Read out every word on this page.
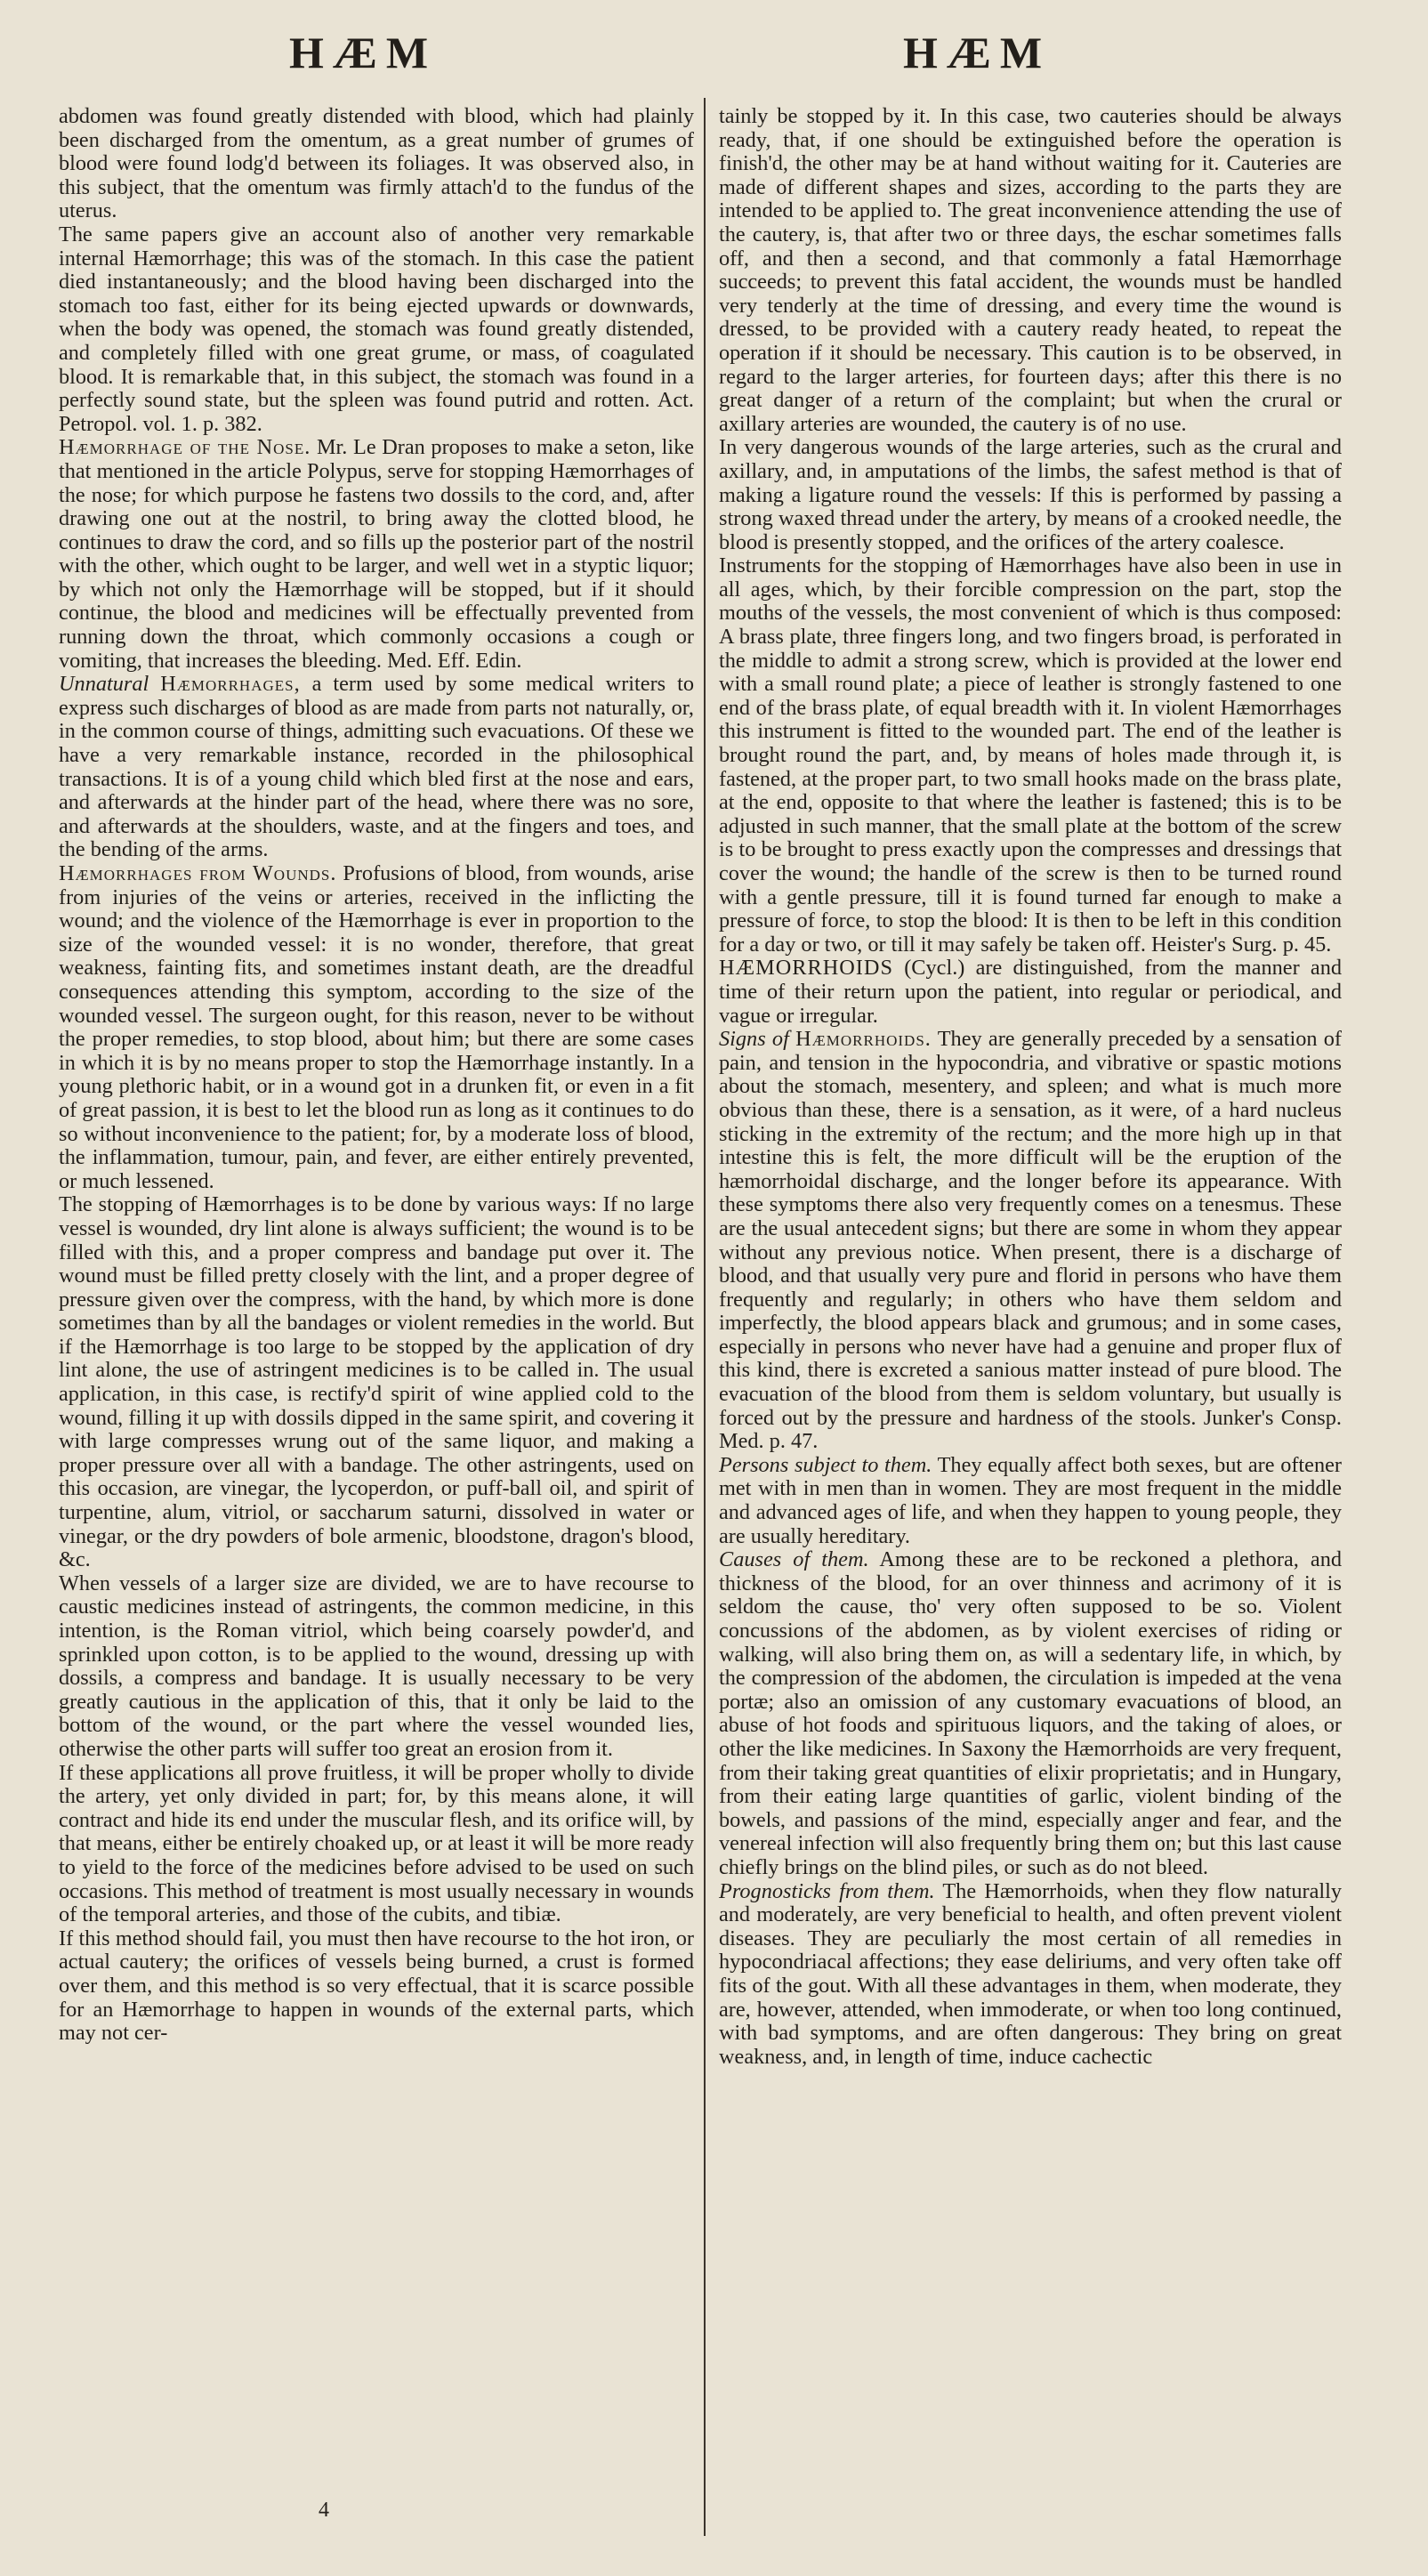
HÆM	HÆM

abdomen was found greatly distended with blood, which had plainly been discharged from the omentum, as a great number of grumes of blood were found lodg'd between its foliages. It was observed also, in this subject, that the omentum was firmly attach'd to the fundus of the uterus.

The same papers give an account also of another very remarkable internal Hæmorrhage; this was of the stomach. In this case the patient died instantaneously; and the blood having been discharged into the stomach too fast, either for its being ejected upwards or downwards, when the body was opened, the stomach was found greatly distended, and completely filled with one great grume, or mass, of coagulated blood. It is remarkable that, in this subject, the stomach was found in a perfectly sound state, but the spleen was found putrid and rotten. Act. Petropol. vol. 1. p. 382.

Hæmorrhage of the Nose. Mr. Le Dran proposes to make a seton, like that mentioned in the article Polypus, serve for stopping Hæmorrhages of the nose; for which purpose he fastens two dossils to the cord, and, after drawing one out at the nostril, to bring away the clotted blood, he continues to draw the cord, and so fills up the posterior part of the nostril with the other, which ought to be larger, and well wet in a styptic liquor; by which not only the Hæmorrhage will be stopped, but if it should continue, the blood and medicines will be effectually prevented from running down the throat, which commonly occasions a cough or vomiting, that increases the bleeding. Med. Eff. Edin.

Unnatural Hæmorrhages, a term used by some medical writers to express such discharges of blood as are made from parts not naturally, or, in the common course of things, admitting such evacuations. Of these we have a very remarkable instance, recorded in the philosophical transactions. It is of a young child which bled first at the nose and ears, and afterwards at the hinder part of the head, where there was no sore, and afterwards at the shoulders, waste, and at the fingers and toes, and the bending of the arms.

Hæmorrhages from Wounds. Profusions of blood, from wounds, arise from injuries of the veins or arteries, received in the inflicting the wound; and the violence of the Hæmorrhage is ever in proportion to the size of the wounded vessel: it is no wonder, therefore, that great weakness, fainting fits, and sometimes instant death, are the dreadful consequences attending this symptom, according to the size of the wounded vessel. The surgeon ought, for this reason, never to be without the proper remedies, to stop blood, about him; but there are some cases in which it is by no means proper to stop the Hæmorrhage instantly. In a young plethoric habit, or in a wound got in a drunken fit, or even in a fit of great passion, it is best to let the blood run as long as it continues to do so without inconvenience to the patient; for, by a moderate loss of blood, the inflammation, tumour, pain, and fever, are either entirely prevented, or much lessened.

The stopping of Hæmorrhages is to be done by various ways: If no large vessel is wounded, dry lint alone is always sufficient; the wound is to be filled with this, and a proper compress and bandage put over it. The wound must be filled pretty closely with the lint, and a proper degree of pressure given over the compress, with the hand, by which more is done sometimes than by all the bandages or violent remedies in the world. But if the Hæmorrhage is too large to be stopped by the application of dry lint alone, the use of astringent medicines is to be called in. The usual application, in this case, is rectify'd spirit of wine applied cold to the wound, filling it up with dossils dipped in the same spirit, and covering it with large compresses wrung out of the same liquor, and making a proper pressure over all with a bandage. The other astringents, used on this occasion, are vinegar, the lycoperdon, or puff-ball oil, and spirit of turpentine, alum, vitriol, or saccharum saturni, dissolved in water or vinegar, or the dry powders of bole armenic, bloodstone, dragon's blood, &c.

When vessels of a larger size are divided, we are to have recourse to caustic medicines instead of astringents, the common medicine, in this intention, is the Roman vitriol, which being coarsely powder'd, and sprinkled upon cotton, is to be applied to the wound, dressing up with dossils, a compress and bandage. It is usually necessary to be very greatly cautious in the application of this, that it only be laid to the bottom of the wound, or the part where the vessel wounded lies, otherwise the other parts will suffer too great an erosion from it.

If these applications all prove fruitless, it will be proper wholly to divide the artery, yet only divided in part; for, by this means alone, it will contract and hide its end under the muscular flesh, and its orifice will, by that means, either be entirely choaked up, or at least it will be more ready to yield to the force of the medicines before advised to be used on such occasions. This method of treatment is most usually necessary in wounds of the temporal arteries, and those of the cubits, and tibiæ.

If this method should fail, you must then have recourse to the hot iron, or actual cautery; the orifices of vessels being burned, a crust is formed over them, and this method is so very effectual, that it is scarce possible for an Hæmorrhage to happen in wounds of the external parts, which may not cer-

tainly be stopped by it. In this case, two cauteries should be always ready, that, if one should be extinguished before the operation is finish'd, the other may be at hand without waiting for it. Cauteries are made of different shapes and sizes, according to the parts they are intended to be applied to. The great inconvenience attending the use of the cautery, is, that after two or three days, the eschar sometimes falls off, and then a second, and that commonly a fatal Hæmorrhage succeeds; to prevent this fatal accident, the wounds must be handled very tenderly at the time of dressing, and every time the wound is dressed, to be provided with a cautery ready heated, to repeat the operation if it should be necessary. This caution is to be observed, in regard to the larger arteries, for fourteen days; after this there is no great danger of a return of the complaint; but when the crural or axillary arteries are wounded, the cautery is of no use.

In very dangerous wounds of the large arteries, such as the crural and axillary, and, in amputations of the limbs, the safest method is that of making a ligature round the vessels: If this is performed by passing a strong waxed thread under the artery, by means of a crooked needle, the blood is presently stopped, and the orifices of the artery coalesce.

Instruments for the stopping of Hæmorrhages have also been in use in all ages, which, by their forcible compression on the part, stop the mouths of the vessels, the most convenient of which is thus composed: A brass plate, three fingers long, and two fingers broad, is perforated in the middle to admit a strong screw, which is provided at the lower end with a small round plate; a piece of leather is strongly fastened to one end of the brass plate, of equal breadth with it. In violent Hæmorrhages this instrument is fitted to the wounded part. The end of the leather is brought round the part, and, by means of holes made through it, is fastened, at the proper part, to two small hooks made on the brass plate, at the end, opposite to that where the leather is fastened; this is to be adjusted in such manner, that the small plate at the bottom of the screw is to be brought to press exactly upon the compresses and dressings that cover the wound; the handle of the screw is then to be turned round with a gentle pressure, till it is found turned far enough to make a pressure of force, to stop the blood: It is then to be left in this condition for a day or two, or till it may safely be taken off. Heister's Surg. p. 45.

HÆMORRHOIDS (Cycl.) are distinguished, from the manner and time of their return upon the patient, into regular or periodical, and vague or irregular.

Signs of Hæmorrhoids. They are generally preceded by a sensation of pain, and tension in the hypocondria, and vibrative or spastic motions about the stomach, mesentery, and spleen; and what is much more obvious than these, there is a sensation, as it were, of a hard nucleus sticking in the extremity of the rectum; and the more high up in that intestine this is felt, the more difficult will be the eruption of the hæmorrhoidal discharge, and the longer before its appearance. With these symptoms there also very frequently comes on a tenesmus. These are the usual antecedent signs; but there are some in whom they appear without any previous notice. When present, there is a discharge of blood, and that usually very pure and florid in persons who have them frequently and regularly; in others who have them seldom and imperfectly, the blood appears black and grumous; and in some cases, especially in persons who never have had a genuine and proper flux of this kind, there is excreted a sanious matter instead of pure blood. The evacuation of the blood from them is seldom voluntary, but usually is forced out by the pressure and hardness of the stools. Junker's Consp. Med. p. 47.

Persons subject to them. They equally affect both sexes, but are oftener met with in men than in women. They are most frequent in the middle and advanced ages of life, and when they happen to young people, they are usually hereditary.

Causes of them. Among these are to be reckoned a plethora, and thickness of the blood, for an over thinness and acrimony of it is seldom the cause, tho' very often supposed to be so. Violent concussions of the abdomen, as by violent exercises of riding or walking, will also bring them on, as will a sedentary life, in which, by the compression of the abdomen, the circulation is impeded at the vena portæ; also an omission of any customary evacuations of blood, an abuse of hot foods and spirituous liquors, and the taking of aloes, or other the like medicines. In Saxony the Hæmorrhoids are very frequent, from their taking great quantities of elixir proprietatis; and in Hungary, from their eating large quantities of garlic, violent binding of the bowels, and passions of the mind, especially anger and fear, and the venereal infection will also frequently bring them on; but this last cause chiefly brings on the blind piles, or such as do not bleed.

Prognosticks from them. The Hæmorrhoids, when they flow naturally and moderately, are very beneficial to health, and often prevent violent diseases. They are peculiarly the most certain of all remedies in hypocondriacal affections; they ease deliriums, and very often take off fits of the gout. With all these advantages in them, when moderate, they are, however, attended, when immoderate, or when too long continued, with bad symptoms, and are often dangerous: They bring on great weakness, and, in length of time, induce cachectic

4
